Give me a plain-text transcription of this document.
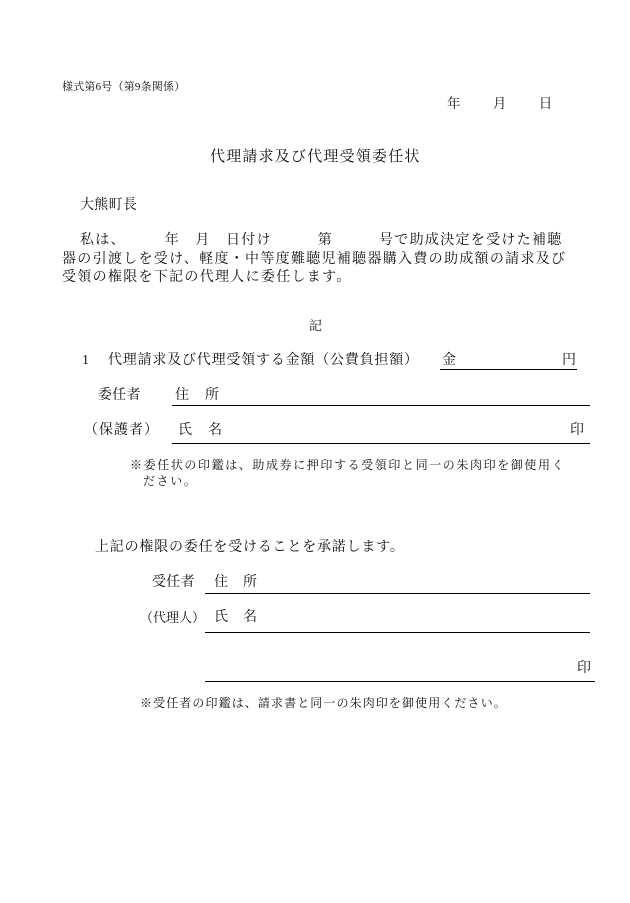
様式第6号（第9条関係）
年　　月　　日
代理請求及び代理受領委任状
大熊町長
私は、　　　年　月　日付け　　　第　　　号で助成決定を受けた補聴
器の引渡しを受け、軽度・中等度難聴児補聴器購入費の助成額の請求及び
受領の権限を下記の代理人に委任します。
記
1 代理請求及び代理受領する金額（公費負担額） 金	円
委任者 住　所
（保護者） 氏　名	印
※委任状の印鑑は、助成券に押印する受領印と同一の朱肉印を御使用く
ださい。
上記の権限の委任を受けることを承諾します。
受任者 住　所
（代理人） 氏　名
印
※受任者の印鑑は、請求書と同一の朱肉印を御使用ください。
